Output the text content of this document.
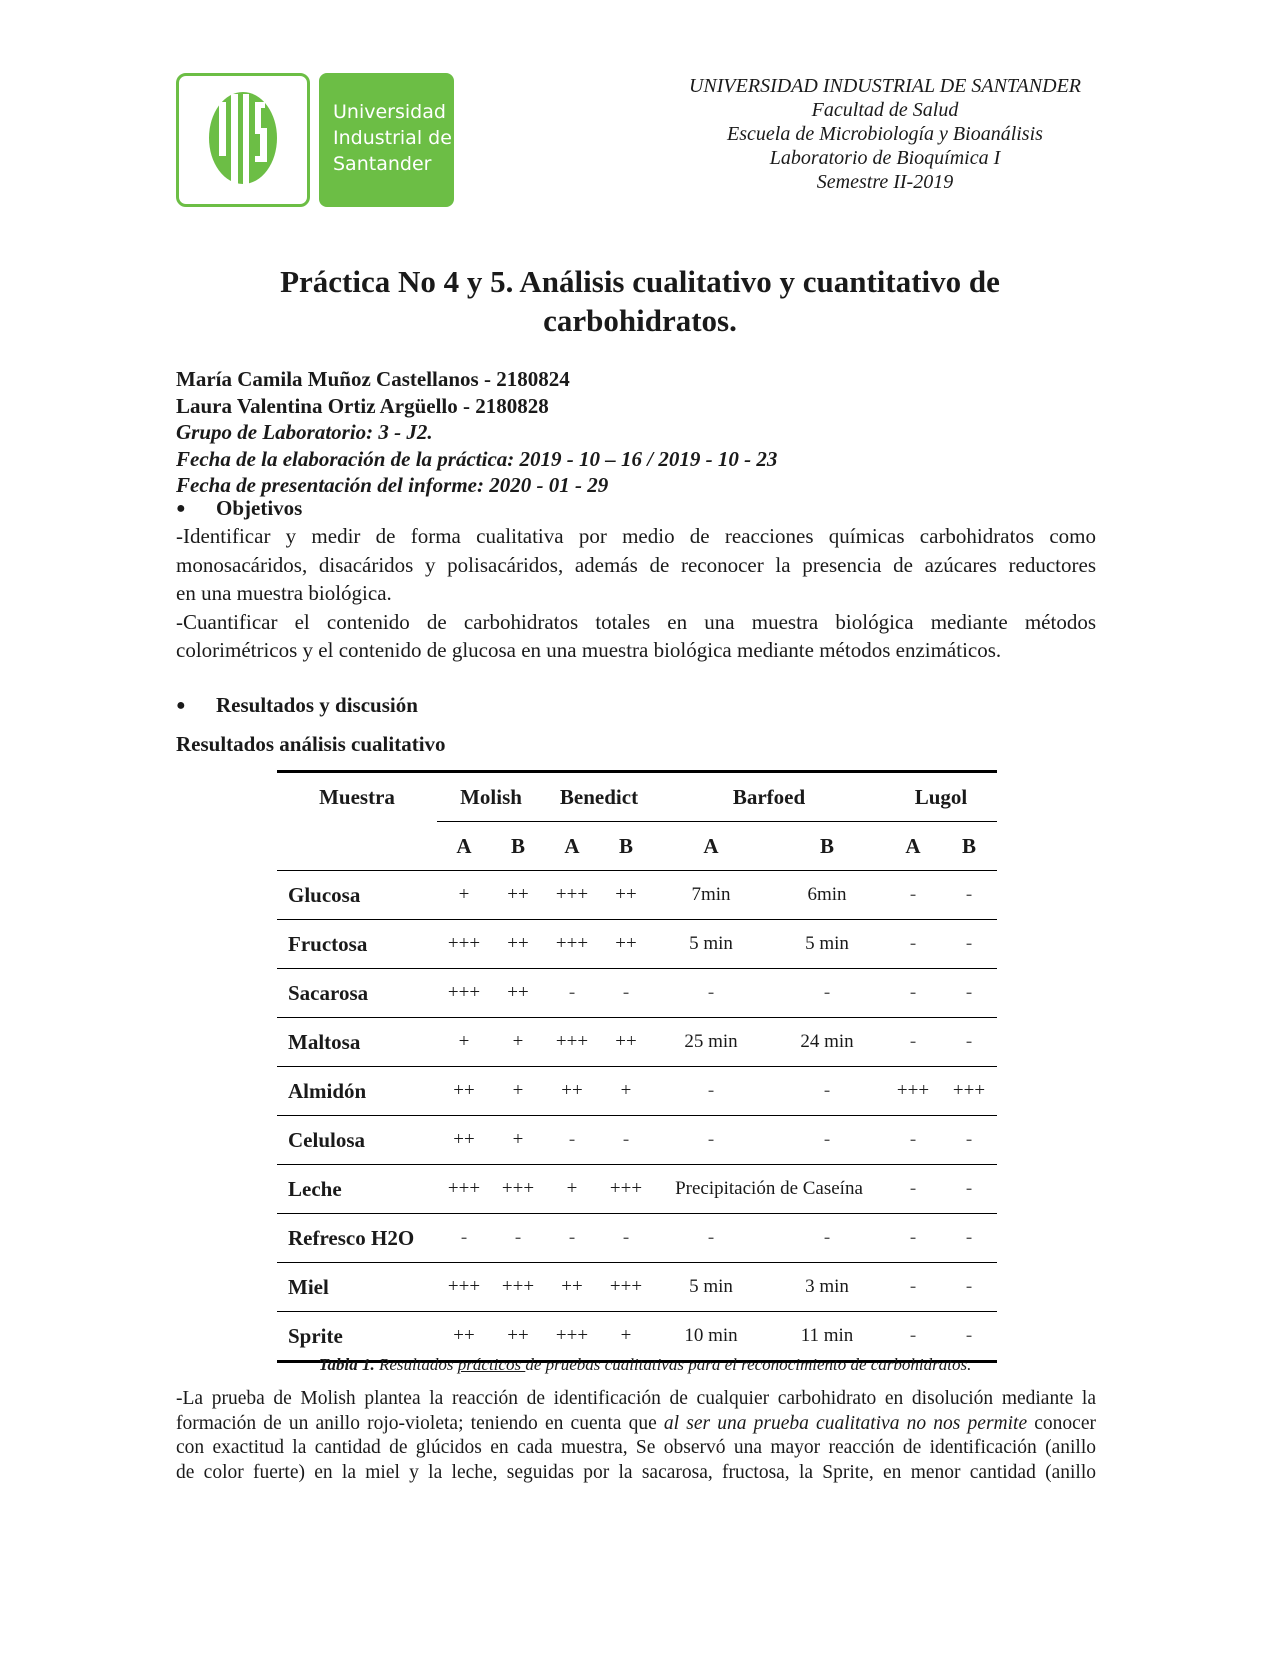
Universidad
Industrial de
Santander
UNIVERSIDAD INDUSTRIAL DE SANTANDER
Facultad de Salud
Escuela de Microbiología y Bioanálisis
Laboratorio de Bioquímica I
Semestre II-2019
Práctica No 4 y 5. Análisis cualitativo y cuantitativo de
carbohidratos.
María Camila Muñoz Castellanos - 2180824
Laura Valentina Ortiz Argüello - 2180828
Grupo de Laboratorio: 3 - J2.
Fecha de la elaboración de la práctica: 2019 - 10 – 16 / 2019 - 10 - 23
Fecha de presentación del informe: 2020 - 01 - 29
● Objetivos
-Identificar y medir de forma cualitativa por medio de reacciones químicas carbohidratos como
monosacáridos, disacáridos y polisacáridos, además de reconocer la presencia de azúcares reductores
en una muestra biológica.
-Cuantificar el contenido de carbohidratos totales en una muestra biológica mediante métodos
colorimétricos y el contenido de glucosa en una muestra biológica mediante métodos enzimáticos.
● Resultados y discusión
Resultados análisis cualitativo
Muestra	Molish		Benedict		Barfoed		Lugol	
	A	B	A	B	A	B	A	B
Glucosa	+	++	+++	++	7min	6min	-	-
Fructosa	+++	++	+++	++	5 min	5 min	-	-
Sacarosa	+++	++	-	-	-	-	-	-
Maltosa	+	+	+++	++	25 min	24 min	-	-
Almidón	++	+	++	+	-	-	+++	+++
Celulosa	++	+	-	-	-	-	-	-
Leche	+++	+++	+	+++	Precipitación de Caseína		-	-
Refresco H2O	-	-	-	-	-	-	-	-
Miel	+++	+++	++	+++	5 min	3 min	-	-
Sprite	++	++	+++	+	10 min	11 min	-	-
Tabla 1. Resultados prácticos de pruebas cualitativas para el reconocimiento de carbohidratos.
-La prueba de Molish plantea la reacción de identificación de cualquier carbohidrato en disolución mediante la
formación de un anillo rojo-violeta; teniendo en cuenta que al ser una prueba cualitativa no nos permite conocer
con exactitud la cantidad de glúcidos en cada muestra, Se observó una mayor reacción de identificación (anillo
de color fuerte) en la miel y la leche, seguidas por la sacarosa, fructosa, la Sprite, en menor cantidad (anillo
